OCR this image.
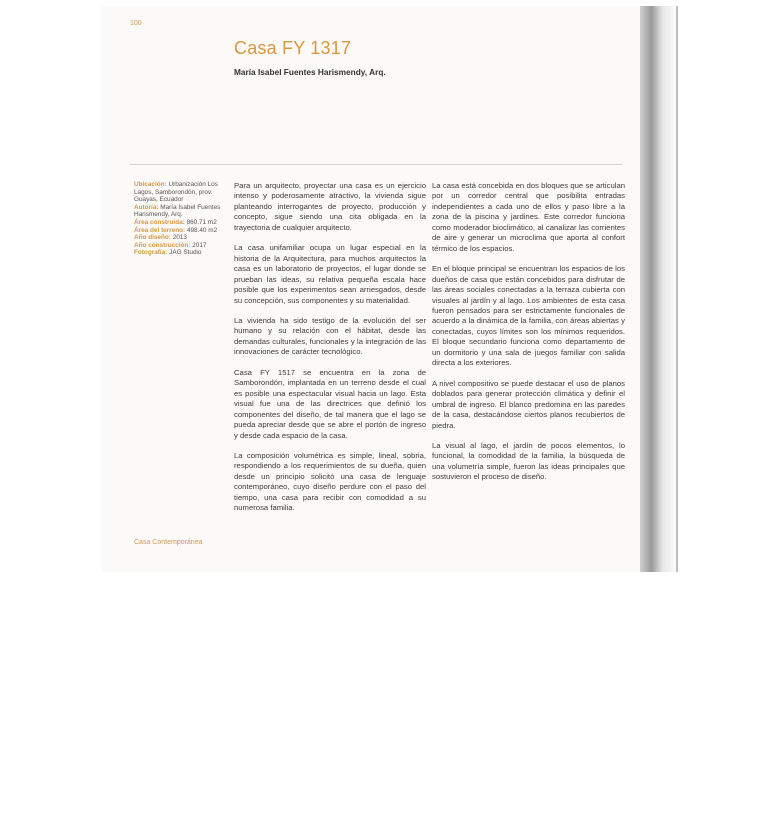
100
Casa FY 1317
María Isabel Fuentes Harismendy, Arq.
Ubicación: Urbanización Los Lagos, Samborondón, prov. Guayas, Ecuador
Autoría: María Isabel Fuentes Harismendy, Arq.
Área construida: 860.71 m2
Área del terreno: 498.40 m2
Año diseño: 2013
Año construcción: 2017
Fotografía: JAG Studio

Para un arquitecto, proyectar una casa es un ejercicio intenso y poderosamente atractivo, la vivienda sigue planteando interrogantes de proyecto, producción y concepto, sigue siendo una cita obligada en la trayectoria de cualquier arquitecto.

La casa unifamiliar ocupa un lugar especial en la historia de la Arquitectura, para muchos arquitectos la casa es un laboratorio de proyectos, el lugar donde se prueban las ideas, su relativa pequeña escala hace posible que los experimentos sean arriesgados, desde su concepción, sus componentes y su materialidad.

La vivienda ha sido testigo de la evolución del ser humano y su relación con el hábitat, desde las demandas culturales, funcionales y la integración de las innovaciones de carácter tecnológico.

Casa FY 1517 se encuentra en la zona de Samborondón, implantada en un terreno desde el cual es posible una espectacular visual hacia un lago. Esta visual fue una de las directrices que definió los componentes del diseño, de tal manera que el lago se pueda apreciar desde que se abre el portón de ingreso y desde cada espacio de la casa.

La composición volumétrica es simple, lineal, sobria, respondiendo a los requerimientos de su dueña, quien desde un principio solicitó una casa de lenguaje contemporáneo, cuyo diseño perdure con el paso del tiempo, una casa para recibir con comodidad a su numerosa familia.

La casa está concebida en dos bloques que se articulan por un corredor central que posibilita entradas independientes a cada uno de ellos y paso libre a la zona de la piscina y jardines. Este corredor funciona como moderador bioclimático, al canalizar las corrientes de aire y generar un microclima que aporta al confort térmico de los espacios.

En el bloque principal se encuentran los espacios de los dueños de casa que están concebidos para disfrutar de las áreas sociales conectadas a la terraza cubierta con visuales al jardín y al lago. Los ambientes de esta casa fueron pensados para ser estrictamente funcionales de acuerdo a la dinámica de la familia, con áreas abiertas y conectadas, cuyos límites son los mínimos requeridos. El bloque secundario funciona como departamento de un dormitorio y una sala de juegos familiar con salida directa a los exteriores.

A nivel compositivo se puede destacar el uso de planos doblados para generar protección climática y definir el umbral de ingreso. El blanco predomina en las paredes de la casa, destacándose ciertos planos recubiertos de piedra.

La visual al lago, el jardín de pocos elementos, lo funcional, la comodidad de la familia, la búsqueda de una volumetría simple, fueron las ideas principales que sostuvieron el proceso de diseño.

Casa Contemporánea
